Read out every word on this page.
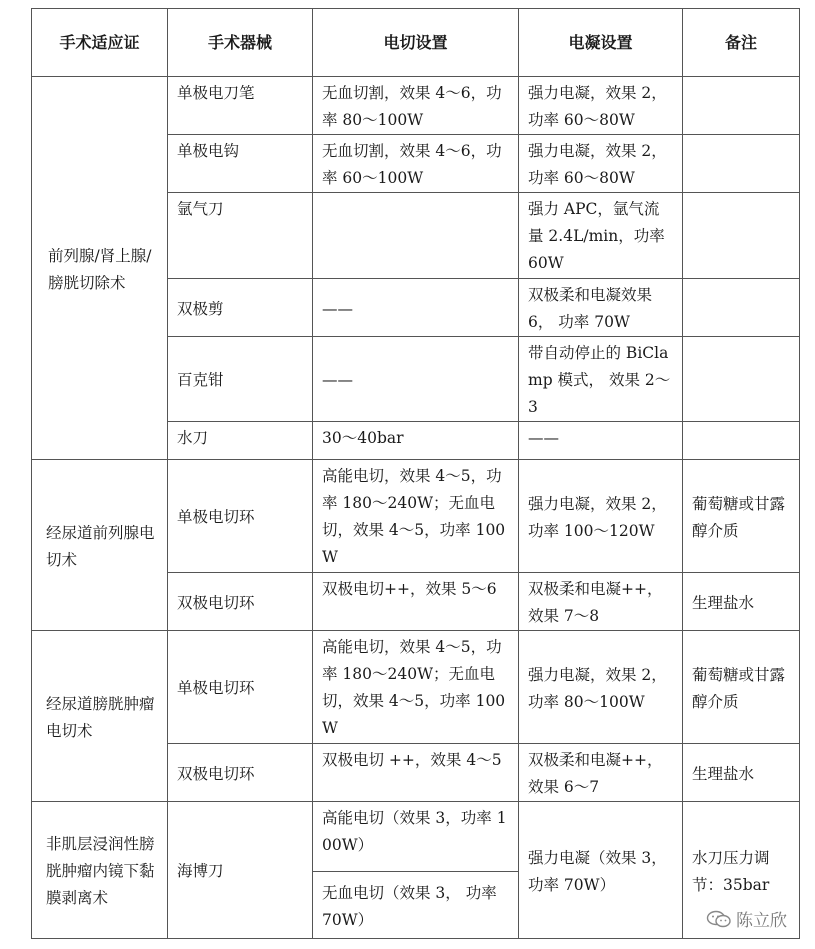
手术适应证	手术器械	电切设置	电凝设置	备注
前列腺/肾上腺/膀胱切除术	单极电刀笔	无血切割，效果 4～6，功率 80～100W	强力电凝，效果 2，功率 60～80W	
	单极电钩	无血切割，效果 4～6，功率 60～100W	强力电凝，效果 2，功率 60～80W	
	氩气刀		强力 APC，氩气流量 2.4L/min，功率 60W	
	双极剪	——	双极柔和电凝效果 6， 功率 70W	
	百克钳	——	带自动停止的 BiClamp 模式， 效果 2～3	
	水刀	30～40bar	——	
经尿道前列腺电切术	单极电切环	高能电切，效果 4～5，功率 180～240W；无血电切，效果 4～5，功率 100W	强力电凝，效果 2，功率 100～120W	葡萄糖或甘露醇介质
	双极电切环	双极电切++，效果 5～6	双极柔和电凝++，效果 7～8	生理盐水
经尿道膀胱肿瘤电切术	单极电切环	高能电切，效果 4～5，功率 180～240W；无血电切，效果 4～5，功率 100W	强力电凝，效果 2，功率 80～100W	葡萄糖或甘露醇介质
	双极电切环	双极电切 ++，效果 4～5	双极柔和电凝++，效果 6～7	生理盐水
非肌层浸润性膀胱肿瘤内镜下黏膜剥离术	海博刀	高能电切（效果 3，功率 100W）	强力电凝（效果 3，功率 70W）	水刀压力调节：35bar
		无血电切（效果 3， 功率 70W）			陈立欣
